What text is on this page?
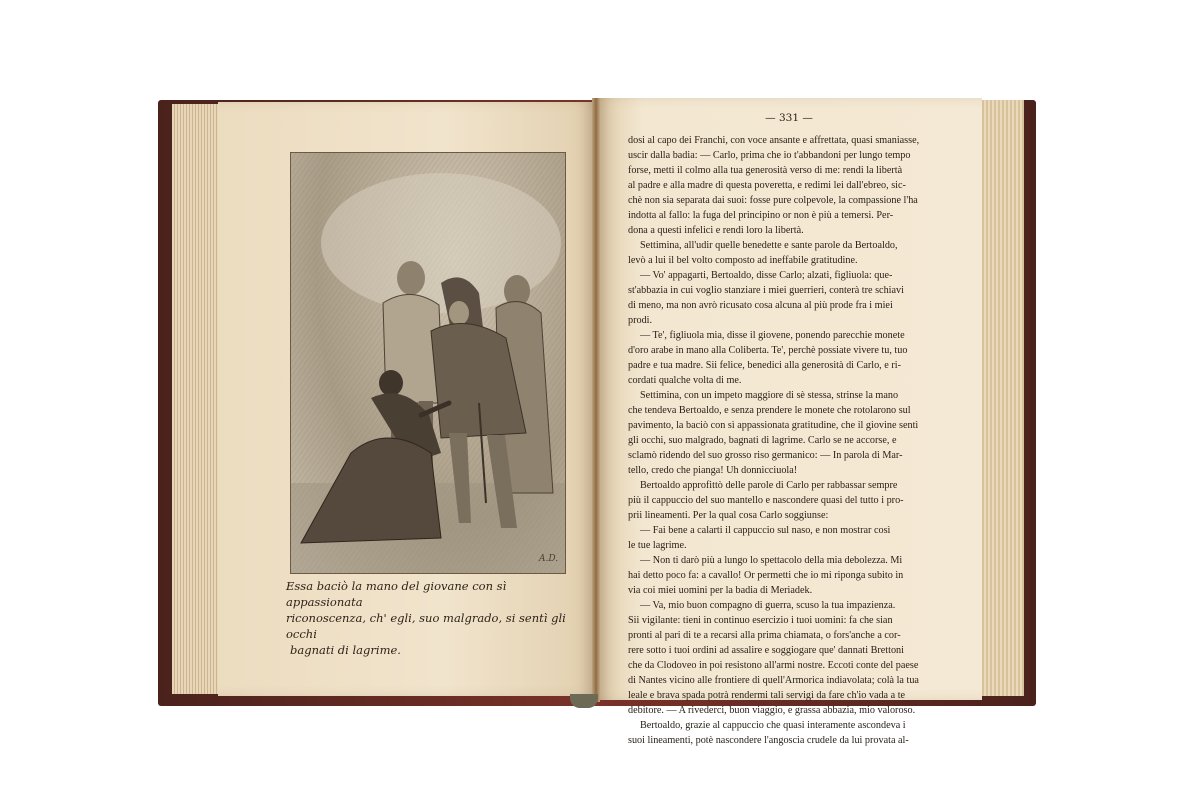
A.D.
Essa baciò la mano del giovane con sì appassionata
riconoscenza, ch' egli, suo malgrado, si sentì gli occhi
bagnati di lagrime.

— 331 —

dosi al capo dei Franchi, con voce ansante e affrettata, quasi smaniasse,

uscir dalla badia: — Carlo, prima che io t'abbandoni per lungo tempo

forse, metti il colmo alla tua generosità verso di me: rendi la libertà

al padre e alla madre di questa poveretta, e redimi lei dall'ebreo, sic-

chè non sia separata dai suoi: fosse pure colpevole, la compassione l'ha

indotta al fallo: la fuga del principino or non è più a temersi. Per-

dona a questi infelici e rendi loro la libertà.

Settimina, all'udir quelle benedette e sante parole da Bertoaldo,

levò a lui il bel volto composto ad ineffabile gratitudine.

— Vo' appagarti, Bertoaldo, disse Carlo; alzati, figliuola: que-

st'abbazia in cui voglio stanziare i miei guerrieri, conterà tre schiavi

di meno, ma non avrò ricusato cosa alcuna al più prode fra i miei

prodi.

— Te', figliuola mia, disse il giovene, ponendo parecchie monete

d'oro arabe in mano alla Coliberta. Te', perchè possiate vivere tu, tuo

padre e tua madre. Sii felice, benedici alla generosità di Carlo, e ri-

cordati qualche volta di me.

Settimina, con un impeto maggiore di sè stessa, strinse la mano

che tendeva Bertoaldo, e senza prendere le monete che rotolarono sul

pavimento, la baciò con sì appassionata gratitudine, che il giovine sentì

gli occhi, suo malgrado, bagnati di lagrime. Carlo se ne accorse, e

sclamò ridendo del suo grosso riso germanico: — In parola di Mar-

tello, credo che pianga! Uh donnicciuola!

Bertoaldo approfittò delle parole di Carlo per rabbassar sempre

più il cappuccio del suo mantello e nascondere quasi del tutto i pro-

prii lineamenti. Per la qual cosa Carlo soggiunse:

— Fai bene a calarti il cappuccio sul naso, e non mostrar così

le tue lagrime.

— Non ti darò più a lungo lo spettacolo della mia debolezza. Mi

hai detto poco fa: a cavallo! Or permetti che io mi riponga subito in

via coi miei uomini per la badia di Meriadek.

— Va, mio buon compagno di guerra, scuso la tua impazienza.

Sii vigilante: tieni in continuo esercizio i tuoi uomini: fa che sian

pronti al pari di te a recarsi alla prima chiamata, o fors'anche a cor-

rere sotto i tuoi ordini ad assalire e soggiogare que' dannati Brettoni

che da Clodoveo in poi resistono all'armi nostre. Eccoti conte del paese

di Nantes vicino alle frontiere di quell'Armorica indiavolata; colà la tua

leale e brava spada potrà rendermi tali servigi da fare ch'io vada a te

debitore. — A rivederci, buon viaggio, e grassa abbazia, mio valoroso.

Bertoaldo, grazie al cappuccio che quasi interamente ascondeva i

suoi lineamenti, potè nascondere l'angoscia crudele da lui provata al-
